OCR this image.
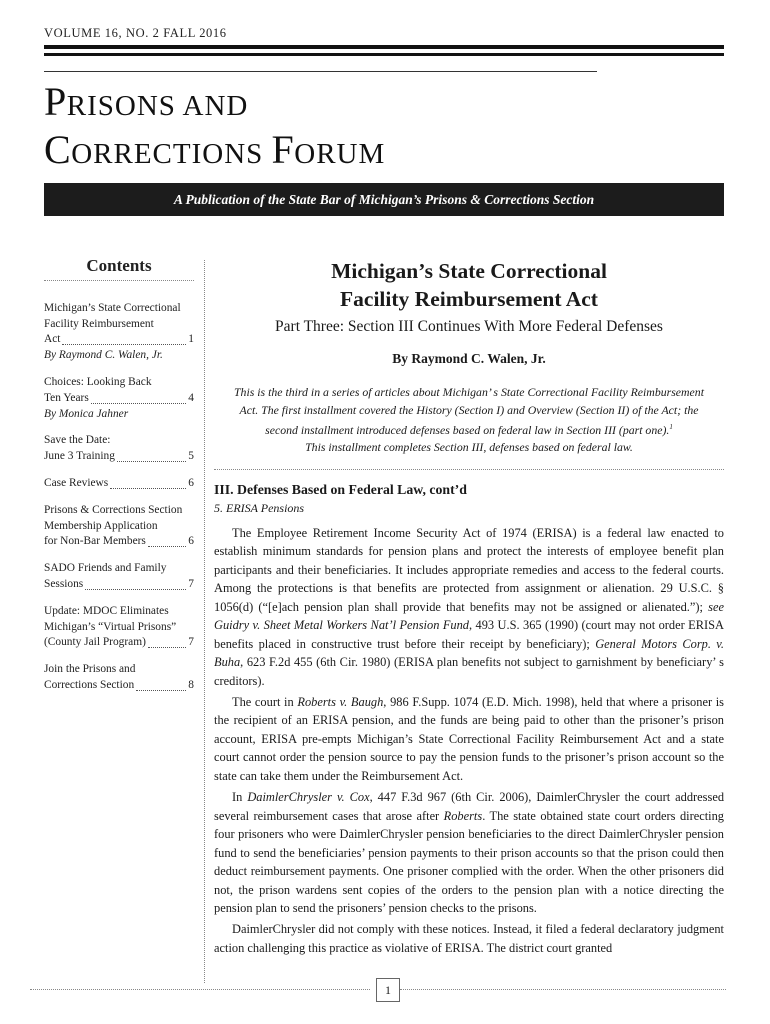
VOLUME 16, NO. 2 FALL 2016
PRISONS AND
CORRECTIONS FORUM
A Publication of the State Bar of Michigan’s Prisons & Corrections Section
Contents
Michigan’s State Correctional
Facility Reimbursement
Act	1
By Raymond C. Walen, Jr.
Choices: Looking Back
Ten Years	4
By Monica Jahner
Save the Date:
June 3 Training	5
Case Reviews	6
Prisons & Corrections Section
Membership Application
for Non-Bar Members	6
SADO Friends and Family
Sessions	7
Update: MDOC Eliminates
Michigan’s “Virtual Prisons”
(County Jail Program)	7
Join the Prisons and
Corrections Section	8
Michigan’s State Correctional
Facility Reimbursement Act
Part Three: Section III Continues With More Federal Defenses
By Raymond C. Walen, Jr.
This is the third in a series of articles about Michigan’ s State Correctional Facility Reimbursement
Act. The first installment covered the History (Section I) and Overview (Section II) of the Act; the
second installment introduced defenses based on federal law in Section III (part one).$^1$
This installment completes Section III, defenses based on federal law.
III. Defenses Based on Federal Law, cont’d
5. ERISA Pensions

The Employee Retirement Income Security Act of 1974 (ERISA) is a federal law enacted to establish minimum standards for pension plans and protect the interests of employee benefit plan participants and their beneficiaries. It includes appropriate remedies and access to the federal courts. Among the protections is that benefits are protected from assignment or alienation. 29 U.S.C. § 1056(d) (“[e]ach pension plan shall provide that benefits may not be assigned or alienated.”); see Guidry v. Sheet Metal Workers Nat’l Pension Fund, 493 U.S. 365 (1990) (court may not order ERISA benefits placed in constructive trust before their receipt by beneficiary); General Motors Corp. v. Buha, 623 F.2d 455 (6th Cir. 1980) (ERISA plan benefits not subject to garnishment by beneficiary’ s creditors).

The court in Roberts v. Baugh, 986 F.Supp. 1074 (E.D. Mich. 1998), held that where a prisoner is the recipient of an ERISA pension, and the funds are being paid to other than the prisoner’s prison account, ERISA pre-empts Michigan’s State Correctional Facility Reimbursement Act and a state court cannot order the pension source to pay the pension funds to the prisoner’s prison account so the state can take them under the Reimbursement Act.

In DaimlerChrysler v. Cox, 447 F.3d 967 (6th Cir. 2006), DaimlerChrysler the court addressed several reimbursement cases that arose after Roberts. The state obtained state court orders directing four prisoners who were DaimlerChrysler pension beneficiaries to the direct DaimlerChrysler pension fund to send the beneficiaries’ pension payments to their prison accounts so that the prison could then deduct reimbursement payments. One prisoner complied with the order. When the other prisoners did not, the prison wardens sent copies of the orders to the pension plan with a notice directing the pension plan to send the prisoners’ pension checks to the prisons.

DaimlerChrysler did not comply with these notices. Instead, it filed a federal declaratory judgment action challenging this practice as violative of ERISA. The district court granted

1
